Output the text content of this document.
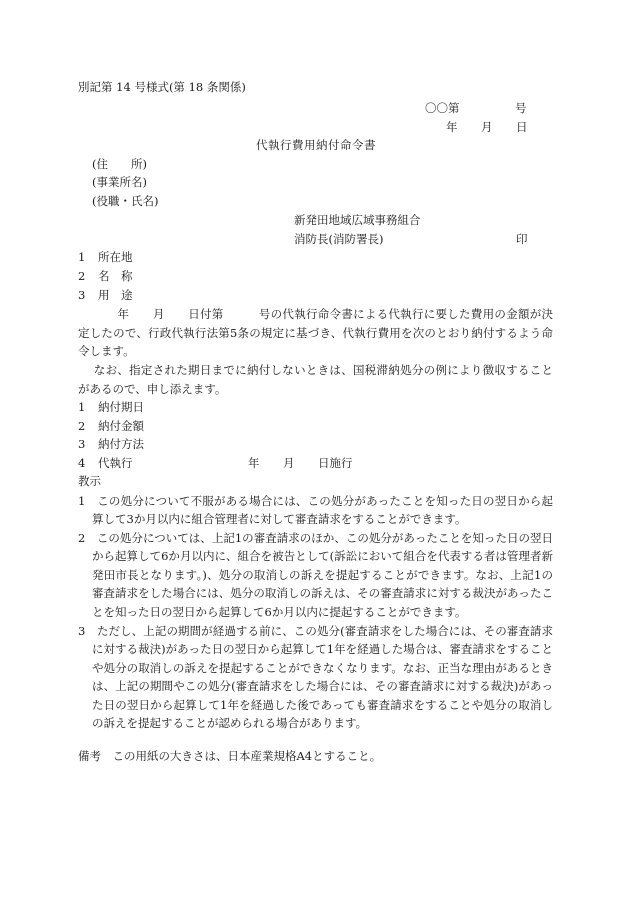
別記第 14 号様式(第 18 条関係)
〇〇第	号
年 月 日
代執行費用納付命令書
(住　　所)
(事業所名)
(役職・氏名)
新発田地域広域事務組合
消防長(消防署長)	印
1 所在地
2 名　称
3 用　途
　　年　　月　　日付第　　　号の代執行命令書による代執行に要した費用の金額が決定したので、行政代執行法第5条の規定に基づき、代執行費用を次のとおり納付するよう命令します。
　なお、指定された期日までに納付しないときは、国税滞納処分の例により徴収することがあるので、申し添えます。
1 納付期日
2 納付金額
3 納付方法
4 代執行	年 月 日施行
教示
1　 この処分について不服がある場合には、この処分があったことを知った日の翌日から起算して3か月以内に組合管理者に対して審査請求をすることができます。
2　 この処分については、上記1の審査請求のほか、この処分があったことを知った日の翌日から起算して6か月以内に、組合を被告として(訴訟において組合を代表する者は管理者新発田市長となります。)、処分の取消しの訴えを提起することができます。なお、上記1の審査請求をした場合には、処分の取消しの訴えは、その審査請求に対する裁決があったことを知った日の翌日から起算して6か月以内に提起することができます。
3　 ただし、上記の期間が経過する前に、この処分(審査請求をした場合には、その審査請求に対する裁決)があった日の翌日から起算して1年を経過した場合は、審査請求をすることや処分の取消しの訴えを提起することができなくなります。なお、正当な理由があるときは、上記の期間やこの処分(審査請求をした場合には、その審査請求に対する裁決)があった日の翌日から起算して1年を経過した後であっても審査請求をすることや処分の取消しの訴えを提起することが認められる場合があります。
備考　 この用紙の大きさは、日本産業規格A4とすること。
